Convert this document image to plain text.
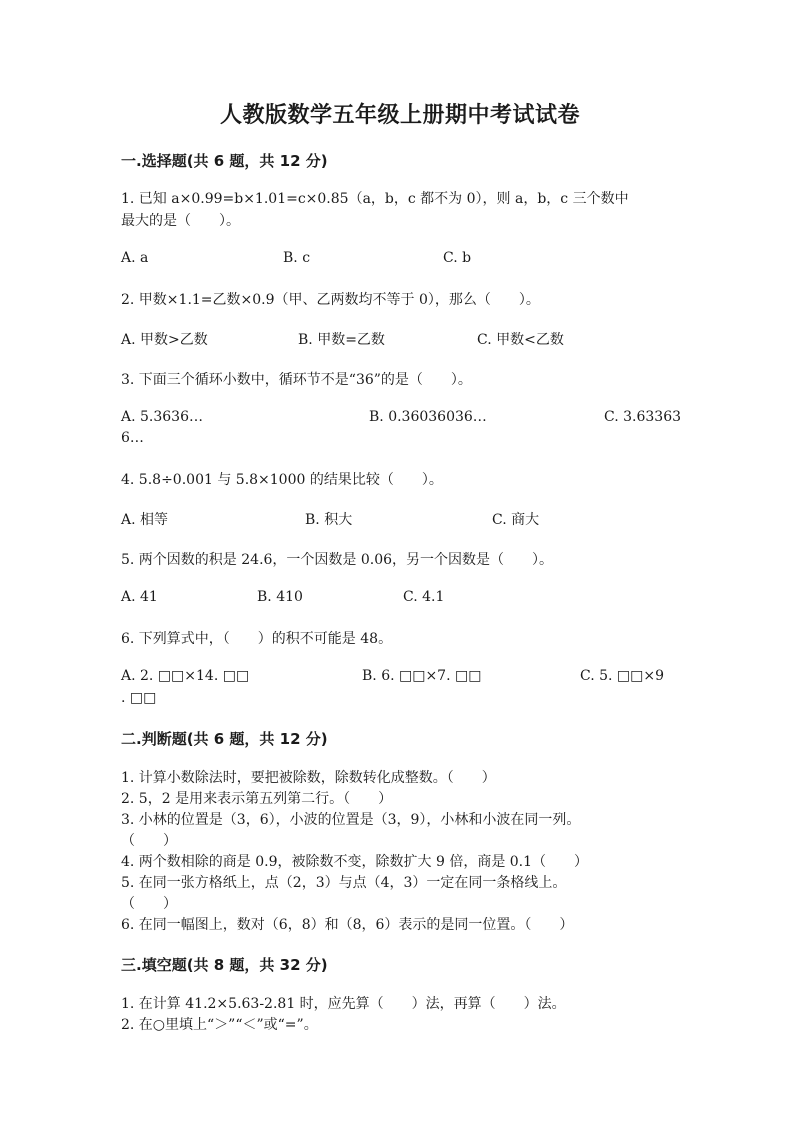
人教版数学五年级上册期中考试试卷
一.选择题(共 6 题，共 12 分)
1. 已知 a×0.99=b×1.01=c×0.85（a，b，c 都不为 0），则 a，b，c 三个数中
最大的是（　　）。
A. a	B. c	C. b
2. 甲数×1.1=乙数×0.9（甲、乙两数均不等于 0），那么（　　）。
A. 甲数>乙数	B. 甲数=乙数	C. 甲数<乙数
3. 下面三个循环小数中，循环节不是“36”的是（　　）。
A. 5.3636…	B. 0.36036036…	C. 3.63363
6…
4. 5.8÷0.001 与 5.8×1000 的结果比较（　　）。
A. 相等	B. 积大	C. 商大
5. 两个因数的积是 24.6，一个因数是 0.06，另一个因数是（　　）。
A. 41	B. 410	C. 4.1
6. 下列算式中，（　　）的积不可能是 48。
A. 2. □□×14. □□	B. 6. □□×7. □□	C. 5. □□×9
. □□
二.判断题(共 6 题，共 12 分)
1. 计算小数除法时，要把被除数，除数转化成整数。（　　）
2. 5，2 是用来表示第五列第二行。（　　）
3. 小林的位置是（3，6），小波的位置是（3，9），小林和小波在同一列。
（　　）
4. 两个数相除的商是 0.9，被除数不变，除数扩大 9 倍，商是 0.1（　　）
5. 在同一张方格纸上，点（2，3）与点（4，3）一定在同一条格线上。
（　　）
6. 在同一幅图上，数对（6，8）和（8，6）表示的是同一位置。（　　）
三.填空题(共 8 题，共 32 分)
1. 在计算 41.2×5.63-2.81 时，应先算（　　）法，再算（　　）法。
2. 在○里填上“＞”“＜”或“=”。
